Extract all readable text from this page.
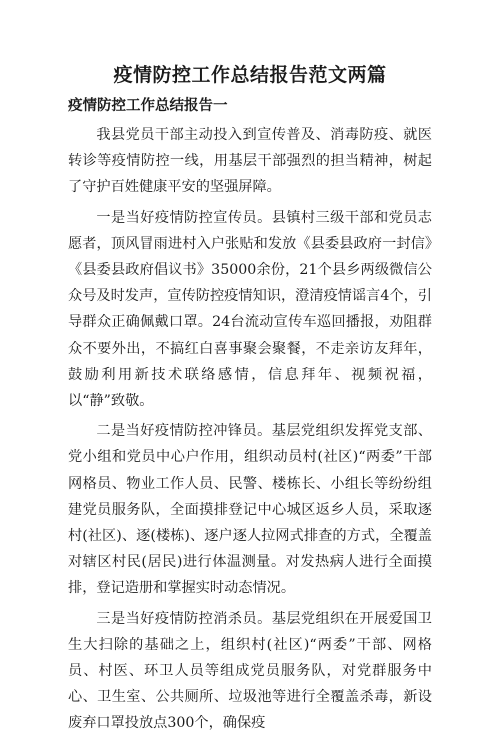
疫情防控工作总结报告范文两篇
疫情防控工作总结报告一

我县党员干部主动投入到宣传普及、消毒防疫、就医转诊等疫情防控一线，用基层干部强烈的担当精神，树起了守护百姓健康平安的坚强屏障。

一是当好疫情防控宣传员。县镇村三级干部和党员志愿者，顶风冒雨进村入户张贴和发放《县委县政府一封信》《县委县政府倡议书》35000余份，21个县乡两级微信公众号及时发声，宣传防控疫情知识，澄清疫情谣言4个，引导群众正确佩戴口罩。24台流动宣传车巡回播报，劝阻群众不要外出，不搞红白喜事聚会聚餐，不走亲访友拜年，鼓励利用新技术联络感情，信息拜年、视频祝福，以“静”致敬。

二是当好疫情防控冲锋员。基层党组织发挥党支部、党小组和党员中心户作用，组织动员村(社区)“两委”干部网格员、物业工作人员、民警、楼栋长、小组长等纷纷组建党员服务队，全面摸排登记中心城区返乡人员，采取逐村(社区)、逐(楼栋)、逐户逐人拉网式排查的方式，全覆盖对辖区村民(居民)进行体温测量。对发热病人进行全面摸排，登记造册和掌握实时动态情况。

三是当好疫情防控消杀员。基层党组织在开展爱国卫生大扫除的基础之上，组织村(社区)“两委”干部、网格员、村医、环卫人员等组成党员服务队，对党群服务中心、卫生室、公共厕所、垃圾池等进行全覆盖杀毒，新设废弃口罩投放点300个，确保疫
